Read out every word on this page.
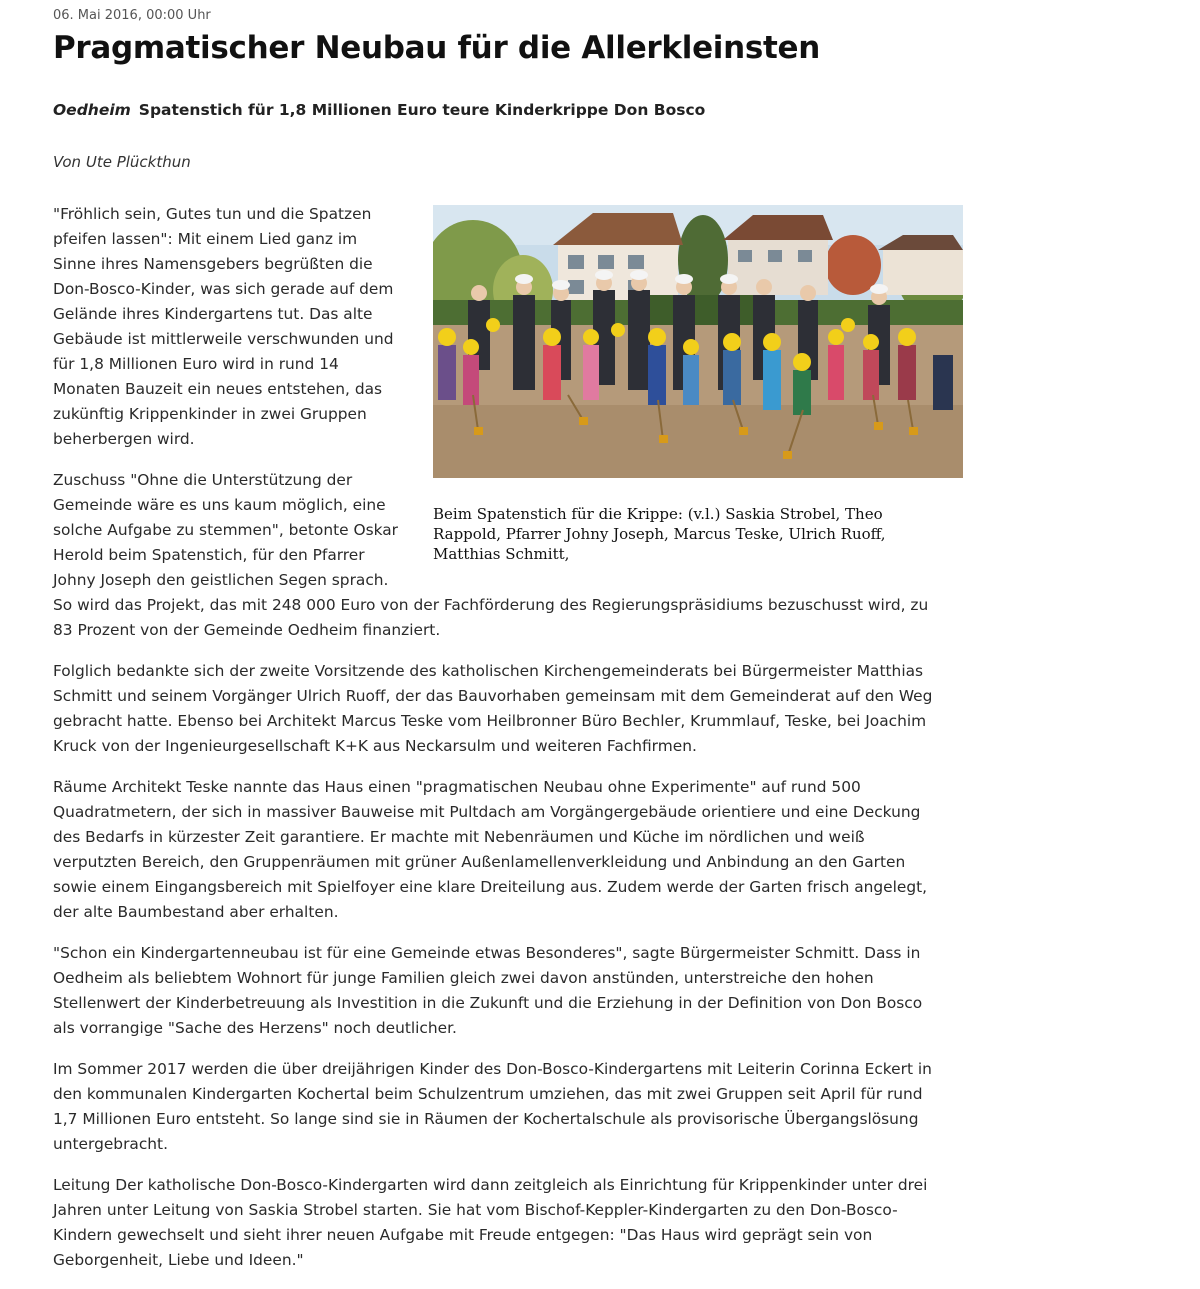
06. Mai 2016, 00:00 Uhr
Pragmatischer Neubau für die Allerkleinsten
Oedheim Spatenstich für 1,8 Millionen Euro teure Kinderkrippe Don Bosco
Von Ute Plückthun
Beim Spatenstich für die Krippe: (v.l.) Saskia Strobel, Theo Rappold, Pfarrer Johny Joseph, Marcus Teske, Ulrich Ruoff, Matthias Schmitt,

"Fröhlich sein, Gutes tun und die Spatzen pfeifen lassen": Mit einem Lied ganz im Sinne ihres Namensgebers begrüßten die Don-Bosco-Kinder, was sich gerade auf dem Gelände ihres Kindergartens tut. Das alte Gebäude ist mittlerweile verschwunden und für 1,8 Millionen Euro wird in rund 14 Monaten Bauzeit ein neues entstehen, das zukünftig Krippenkinder in zwei Gruppen beherbergen wird.

Zuschuss "Ohne die Unterstützung der Gemeinde wäre es uns kaum möglich, eine solche Aufgabe zu stemmen", betonte Oskar Herold beim Spatenstich, für den Pfarrer Johny Joseph den geistlichen Segen sprach. So wird das Projekt, das mit 248 000 Euro von der Fachförderung des Regierungspräsidiums bezuschusst wird, zu 83 Prozent von der Gemeinde Oedheim finanziert.

Folglich bedankte sich der zweite Vorsitzende des katholischen Kirchengemeinderats bei Bürgermeister Matthias Schmitt und seinem Vorgänger Ulrich Ruoff, der das Bauvorhaben gemeinsam mit dem Gemeinderat auf den Weg gebracht hatte. Ebenso bei Architekt Marcus Teske vom Heilbronner Büro Bechler, Krummlauf, Teske, bei Joachim Kruck von der Ingenieurgesellschaft K+K aus Neckarsulm und weiteren Fachfirmen.

Räume Architekt Teske nannte das Haus einen "pragmatischen Neubau ohne Experimente" auf rund 500 Quadratmetern, der sich in massiver Bauweise mit Pultdach am Vorgängergebäude orientiere und eine Deckung des Bedarfs in kürzester Zeit garantiere. Er machte mit Nebenräumen und Küche im nördlichen und weiß verputzten Bereich, den Gruppenräumen mit grüner Außenlamellenverkleidung und Anbindung an den Garten sowie einem Eingangsbereich mit Spielfoyer eine klare Dreiteilung aus. Zudem werde der Garten frisch angelegt, der alte Baumbestand aber erhalten.

"Schon ein Kindergartenneubau ist für eine Gemeinde etwas Besonderes", sagte Bürgermeister Schmitt. Dass in Oedheim als beliebtem Wohnort für junge Familien gleich zwei davon anstünden, unterstreiche den hohen Stellenwert der Kinderbetreuung als Investition in die Zukunft und die Erziehung in der Definition von Don Bosco als vorrangige "Sache des Herzens" noch deutlicher.

Im Sommer 2017 werden die über dreijährigen Kinder des Don-Bosco-Kindergartens mit Leiterin Corinna Eckert in den kommunalen Kindergarten Kochertal beim Schulzentrum umziehen, das mit zwei Gruppen seit April für rund 1,7 Millionen Euro entsteht. So lange sind sie in Räumen der Kochertalschule als provisorische Übergangslösung untergebracht.

Leitung Der katholische Don-Bosco-Kindergarten wird dann zeitgleich als Einrichtung für Krippenkinder unter drei Jahren unter Leitung von Saskia Strobel starten. Sie hat vom Bischof-Keppler-Kindergarten zu den Don-Bosco-Kindern gewechselt und sieht ihrer neuen Aufgabe mit Freude entgegen: "Das Haus wird geprägt sein von Geborgenheit, Liebe und Ideen."
